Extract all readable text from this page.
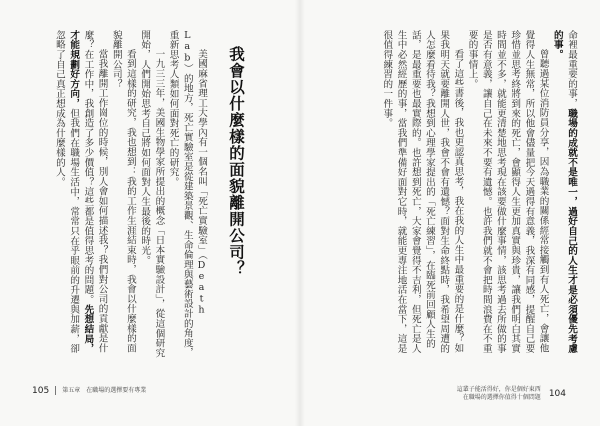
命裡最重要的事，職場的成就不是唯一，過好自己的人生才是必須優先考慮的事。

曾聽過某位消防員分享，因為職業的關係經常接觸到有人死亡，會讓他覺得人生無常，所以他會儘量把今天過得有意義，我深有同感，提醒自己要珍惜並思考終將到來的死亡，會顯得人生更加真實與珍貴，讓我們明白其實時間並不多，就能更清楚地思考現在該要做什麼事情，該思考過去所做的事是否有意義，讓自己在未來不要有遺憾。也許我們就不會把時間浪費在不重要的事情上。

看了這些書後，我也更認真思考，我在我的人生中最重要的是什麼？如果我明天就要離開人世，我會不會有遺憾？面對生命終點時，我希望周遭的人怎麼看待我？我想到心理學家提出的「死亡練習」，在臨死前回顧人生的話，是最重要也最實際的。也許想到死亡，大家會覺得不吉利，但死亡是人生中必然經歷的事，當我們準備好面對它時，就能更專注地活在當下，這是很值得練習的一件事。

我會以什麼樣的面貌離開公司？

美國麻省理工大學內有一個名叫「死亡實驗室」（Death Lab）的地方，死亡實驗室是從建築景觀、生命倫理與藝術設計的角度，重新思考人類如何面對死亡的研究。

一九三三年，美國生物學家所提出的概念「日本實驗設計」，從這個研究開始，人們開始思考自己將如何面對人生最後的時光。

看到這樣的研究，我也想到：我的工作生涯結束時，我會以什麼樣的面貌離開公司？

當我離開工作崗位的時候，別人會如何描述我？我們對公司的貢獻是什麼？在工作中，我創造了多少價值？這些都是值得思考的問題。先想結局，才能規劃好方向，但我們在職場生活中，常常只在乎眼前的升遷與加薪，卻忽略了自己真正想成為什麼樣的人。

105 第五章 在職場的選擇要有專業	這輩子能活得好，你是個好東西
在職場的選擇你值得十個問題 104
